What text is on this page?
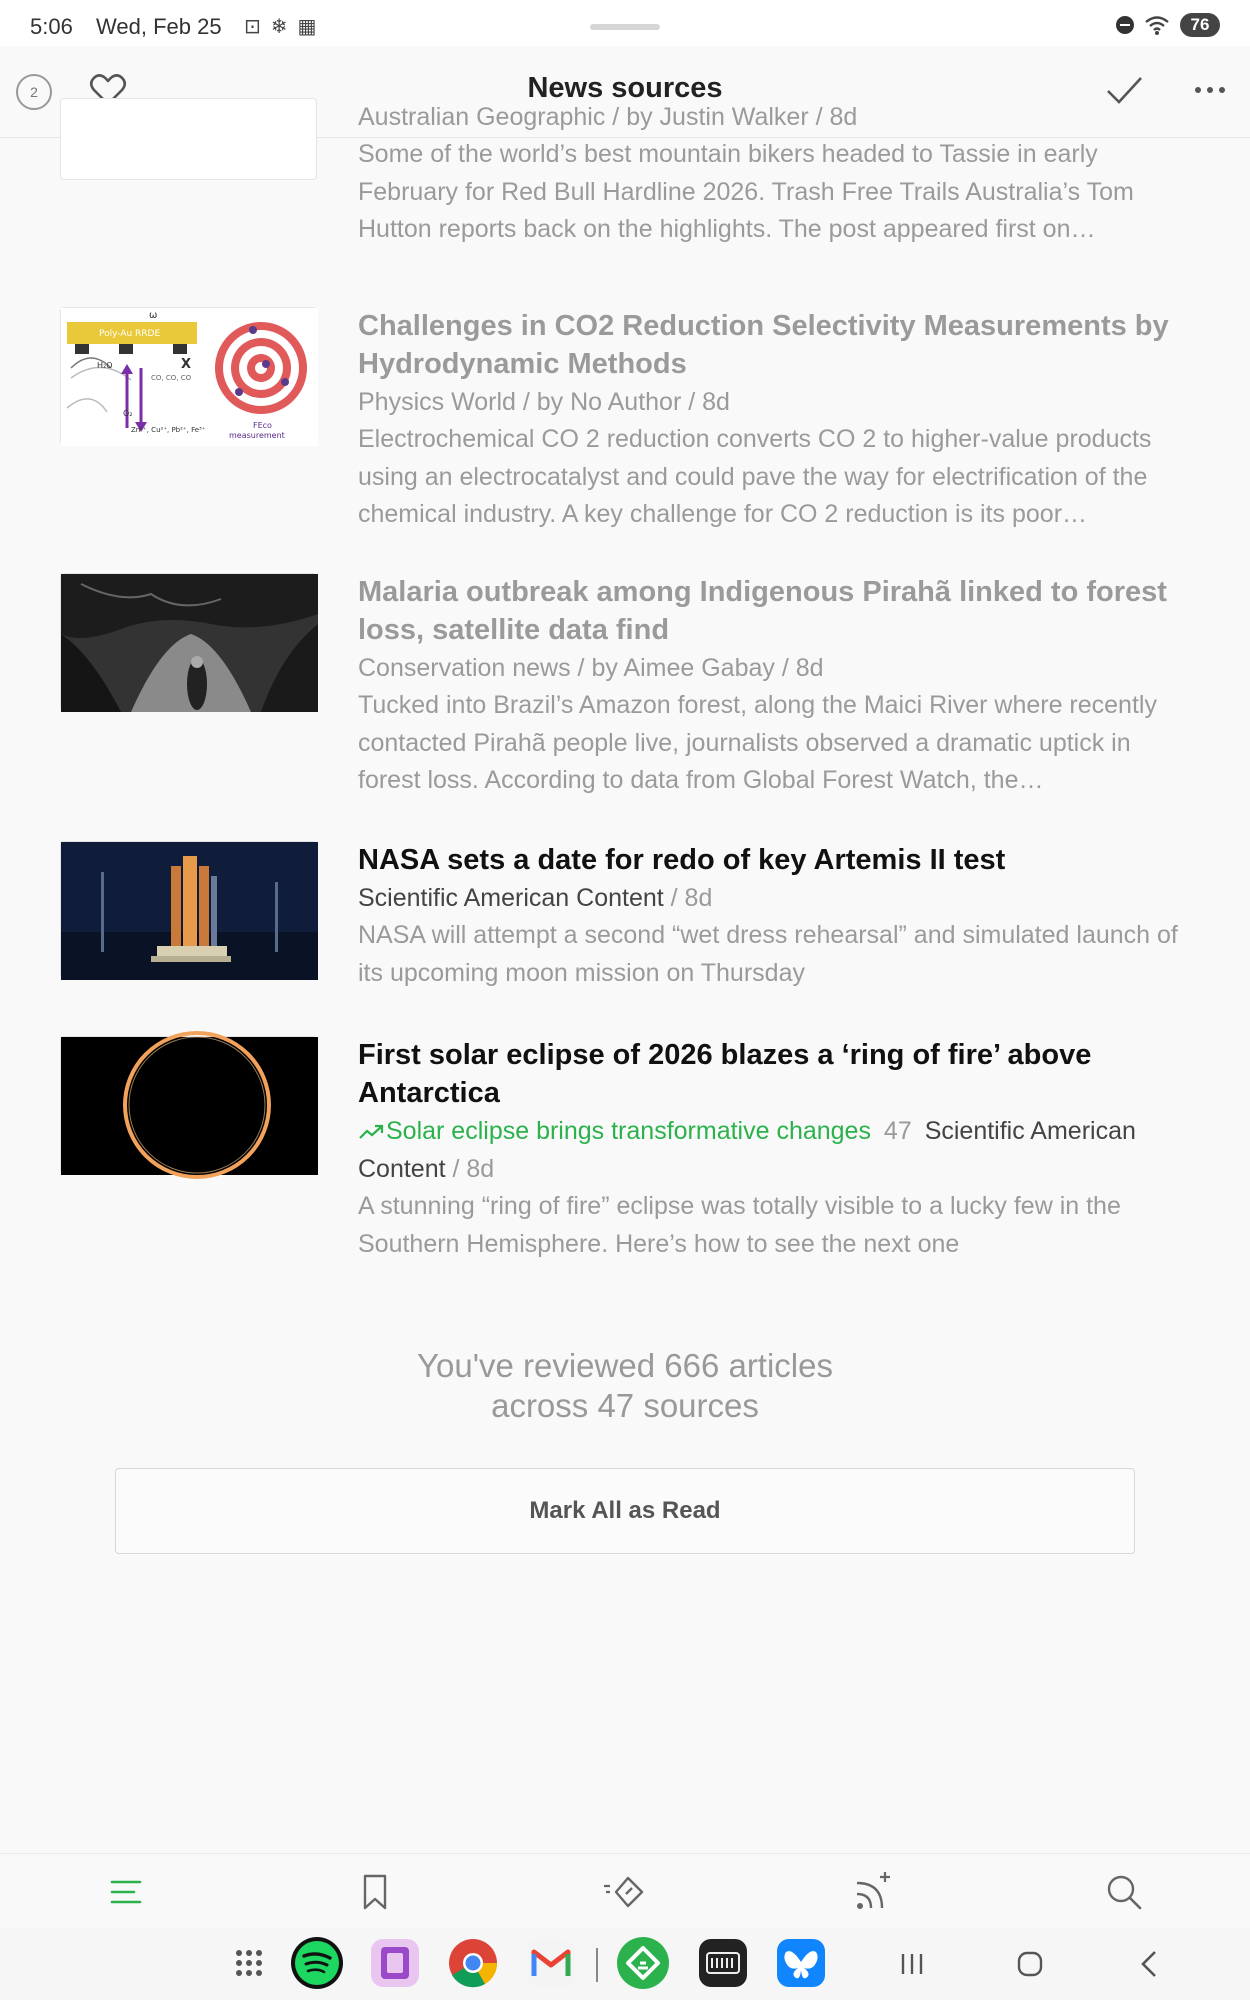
5:06 Wed, Feb 25 ⊡ ❄ ▦	76
2	News sources
Australian Geographic / by Justin Walker / 8d
Some of the world’s best mountain bikers headed to Tassie in early February for Red Bull Hardline 2026. Trash Free Trails Australia’s Tom Hutton reports back on the highlights. The post appeared first on…
Poly-Au RRDE
ω
H₂O
CO, CO, CO
X
O₂
Zn²⁺, Cu²⁺, Pb²⁺, Fe³⁺	FEco
measurement
Challenges in CO2 Reduction Selectivity Measurements by Hydrodynamic Methods
Physics World / by No Author / 8d
Electrochemical CO 2 reduction converts CO 2 to higher-value products using an electrocatalyst and could pave the way for electrification of the chemical industry. A key challenge for CO 2 reduction is its poor…
Malaria outbreak among Indigenous Pirahã linked to forest loss, satellite data find
Conservation news / by Aimee Gabay / 8d
Tucked into Brazil’s Amazon forest, along the Maici River where recently contacted Pirahã people live, journalists observed a dramatic uptick in forest loss. According to data from Global Forest Watch, the…
NASA sets a date for redo of key Artemis II test
Scientific American Content / 8d
NASA will attempt a second “wet dress rehearsal” and simulated launch of its upcoming moon mission on Thursday
First solar eclipse of 2026 blazes a ‘ring of fire’ above Antarctica
Solar eclipse brings transformative changes 47 Scientific American Content / 8d
A stunning “ring of fire” eclipse was totally visible to a lucky few in the Southern Hemisphere. Here’s how to see the next one
You've reviewed 666 articles
across 47 sources
Mark All as Read
